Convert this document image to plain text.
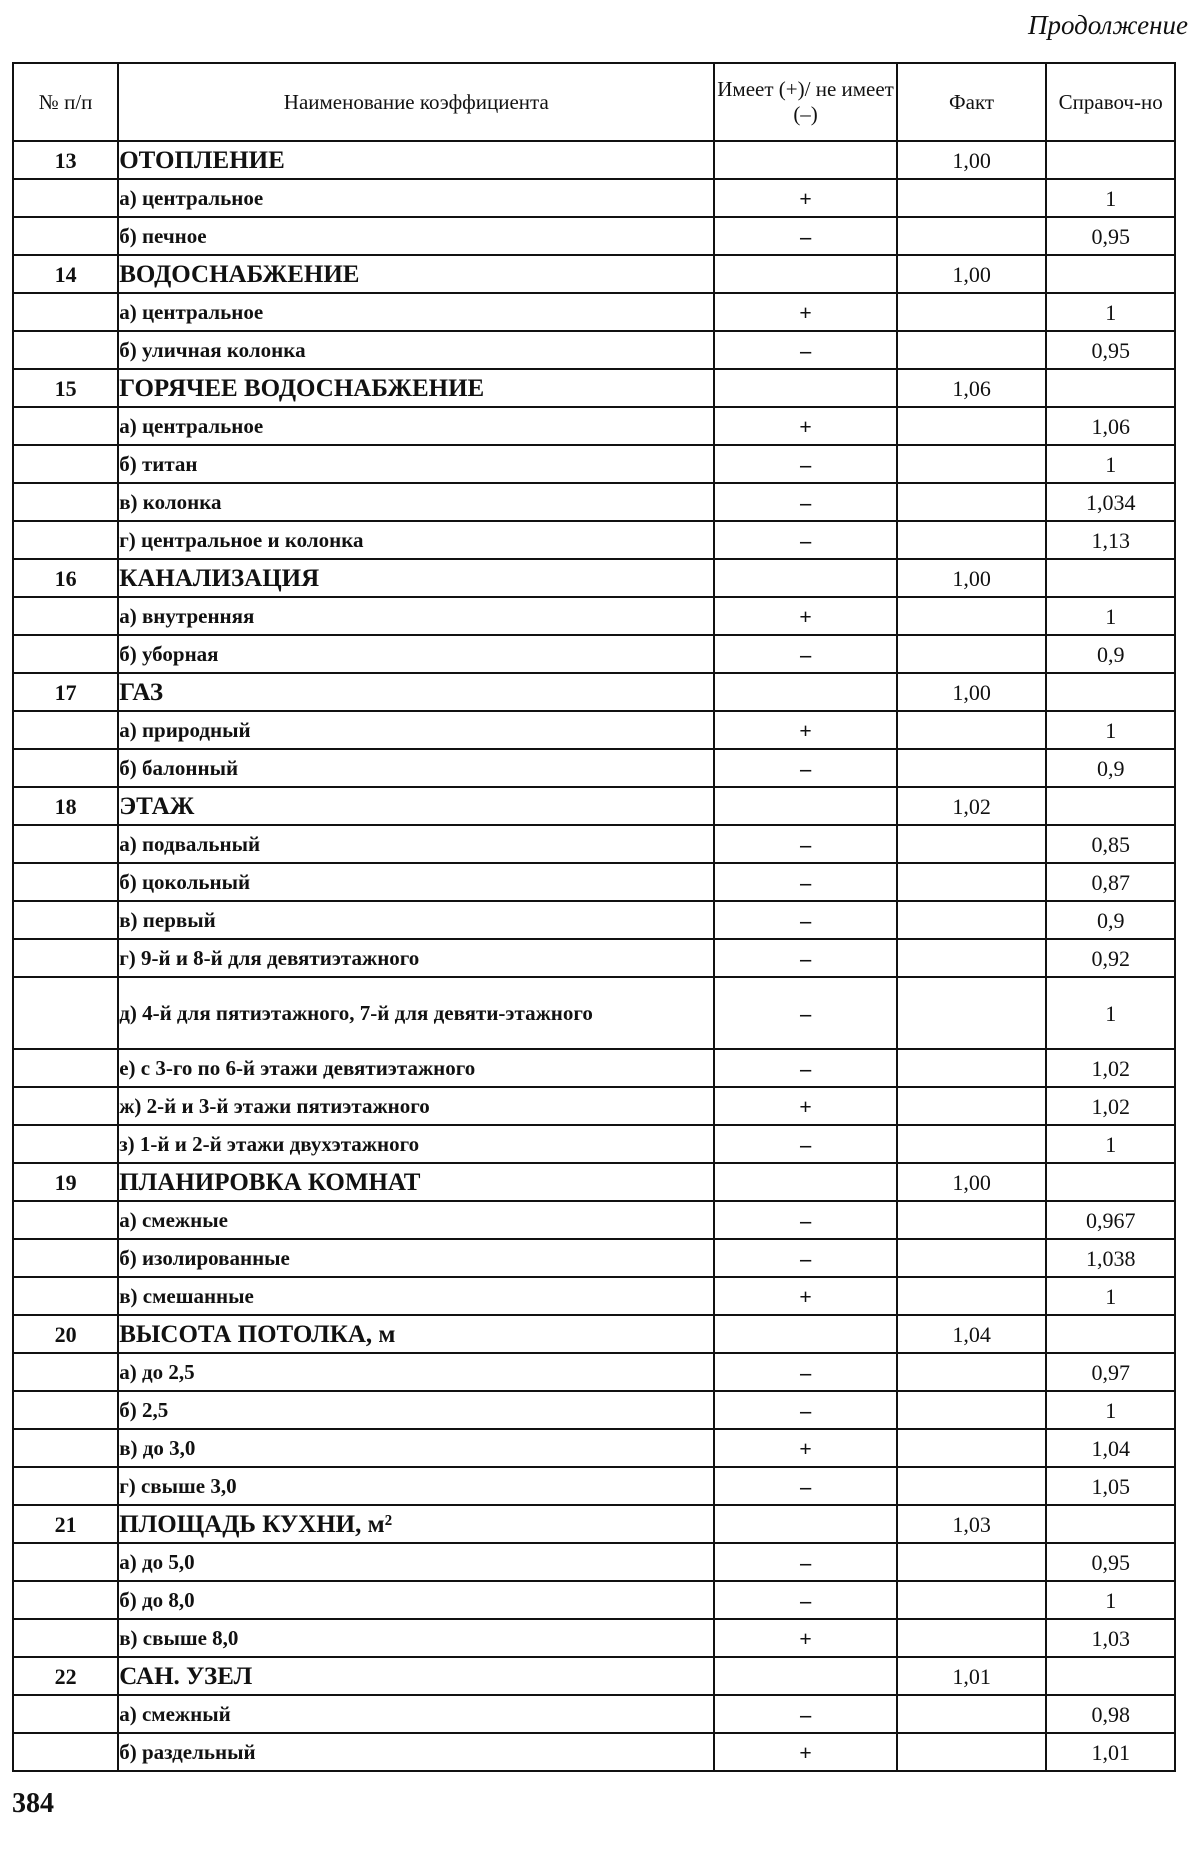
Продолжение
№ п/п	Наименование коэффициента	Имеет (+)/ не имеет (–)	Факт	Справоч-но
13	ОТОПЛЕНИЕ		1,00	
	а) центральное	+		1
	б) печное	–		0,95
14	ВОДОСНАБЖЕНИЕ		1,00	
	а) центральное	+		1
	б) уличная колонка	–		0,95
15	ГОРЯЧЕЕ ВОДОСНАБЖЕНИЕ		1,06	
	а) центральное	+		1,06
	б) титан	–		1
	в) колонка	–		1,034
	г) центральное и колонка	–		1,13
16	КАНАЛИЗАЦИЯ		1,00	
	а) внутренняя	+		1
	б) уборная	–		0,9
17	ГАЗ		1,00	
	а) природный	+		1
	б) балонный	–		0,9
18	ЭТАЖ		1,02	
	а) подвальный	–		0,85
	б) цокольный	–		0,87
	в) первый	–		0,9
	г) 9-й и 8-й для девятиэтажного	–		0,92
	д) 4-й для пятиэтажного, 7-й для девяти-этажного	–		1
	е) с 3-го по 6-й этажи девятиэтажного	–		1,02
	ж) 2-й и 3-й этажи пятиэтажного	+		1,02
	з) 1-й и 2-й этажи двухэтажного	–		1
19	ПЛАНИРОВКА КОМНАТ		1,00	
	а) смежные	–		0,967
	б) изолированные	–		1,038
	в) смешанные	+		1
20	ВЫСОТА ПОТОЛКА, м		1,04	
	а) до 2,5	–		0,97
	б) 2,5	–		1
	в) до 3,0	+		1,04
	г) свыше 3,0	–		1,05
21	ПЛОЩАДЬ КУХНИ, м²		1,03	
	а) до 5,0	–		0,95
	б) до 8,0	–		1
	в) свыше 8,0	+		1,03
22	САН. УЗЕЛ		1,01	
	а) смежный	–		0,98
	б) раздельный	+		1,01
384
